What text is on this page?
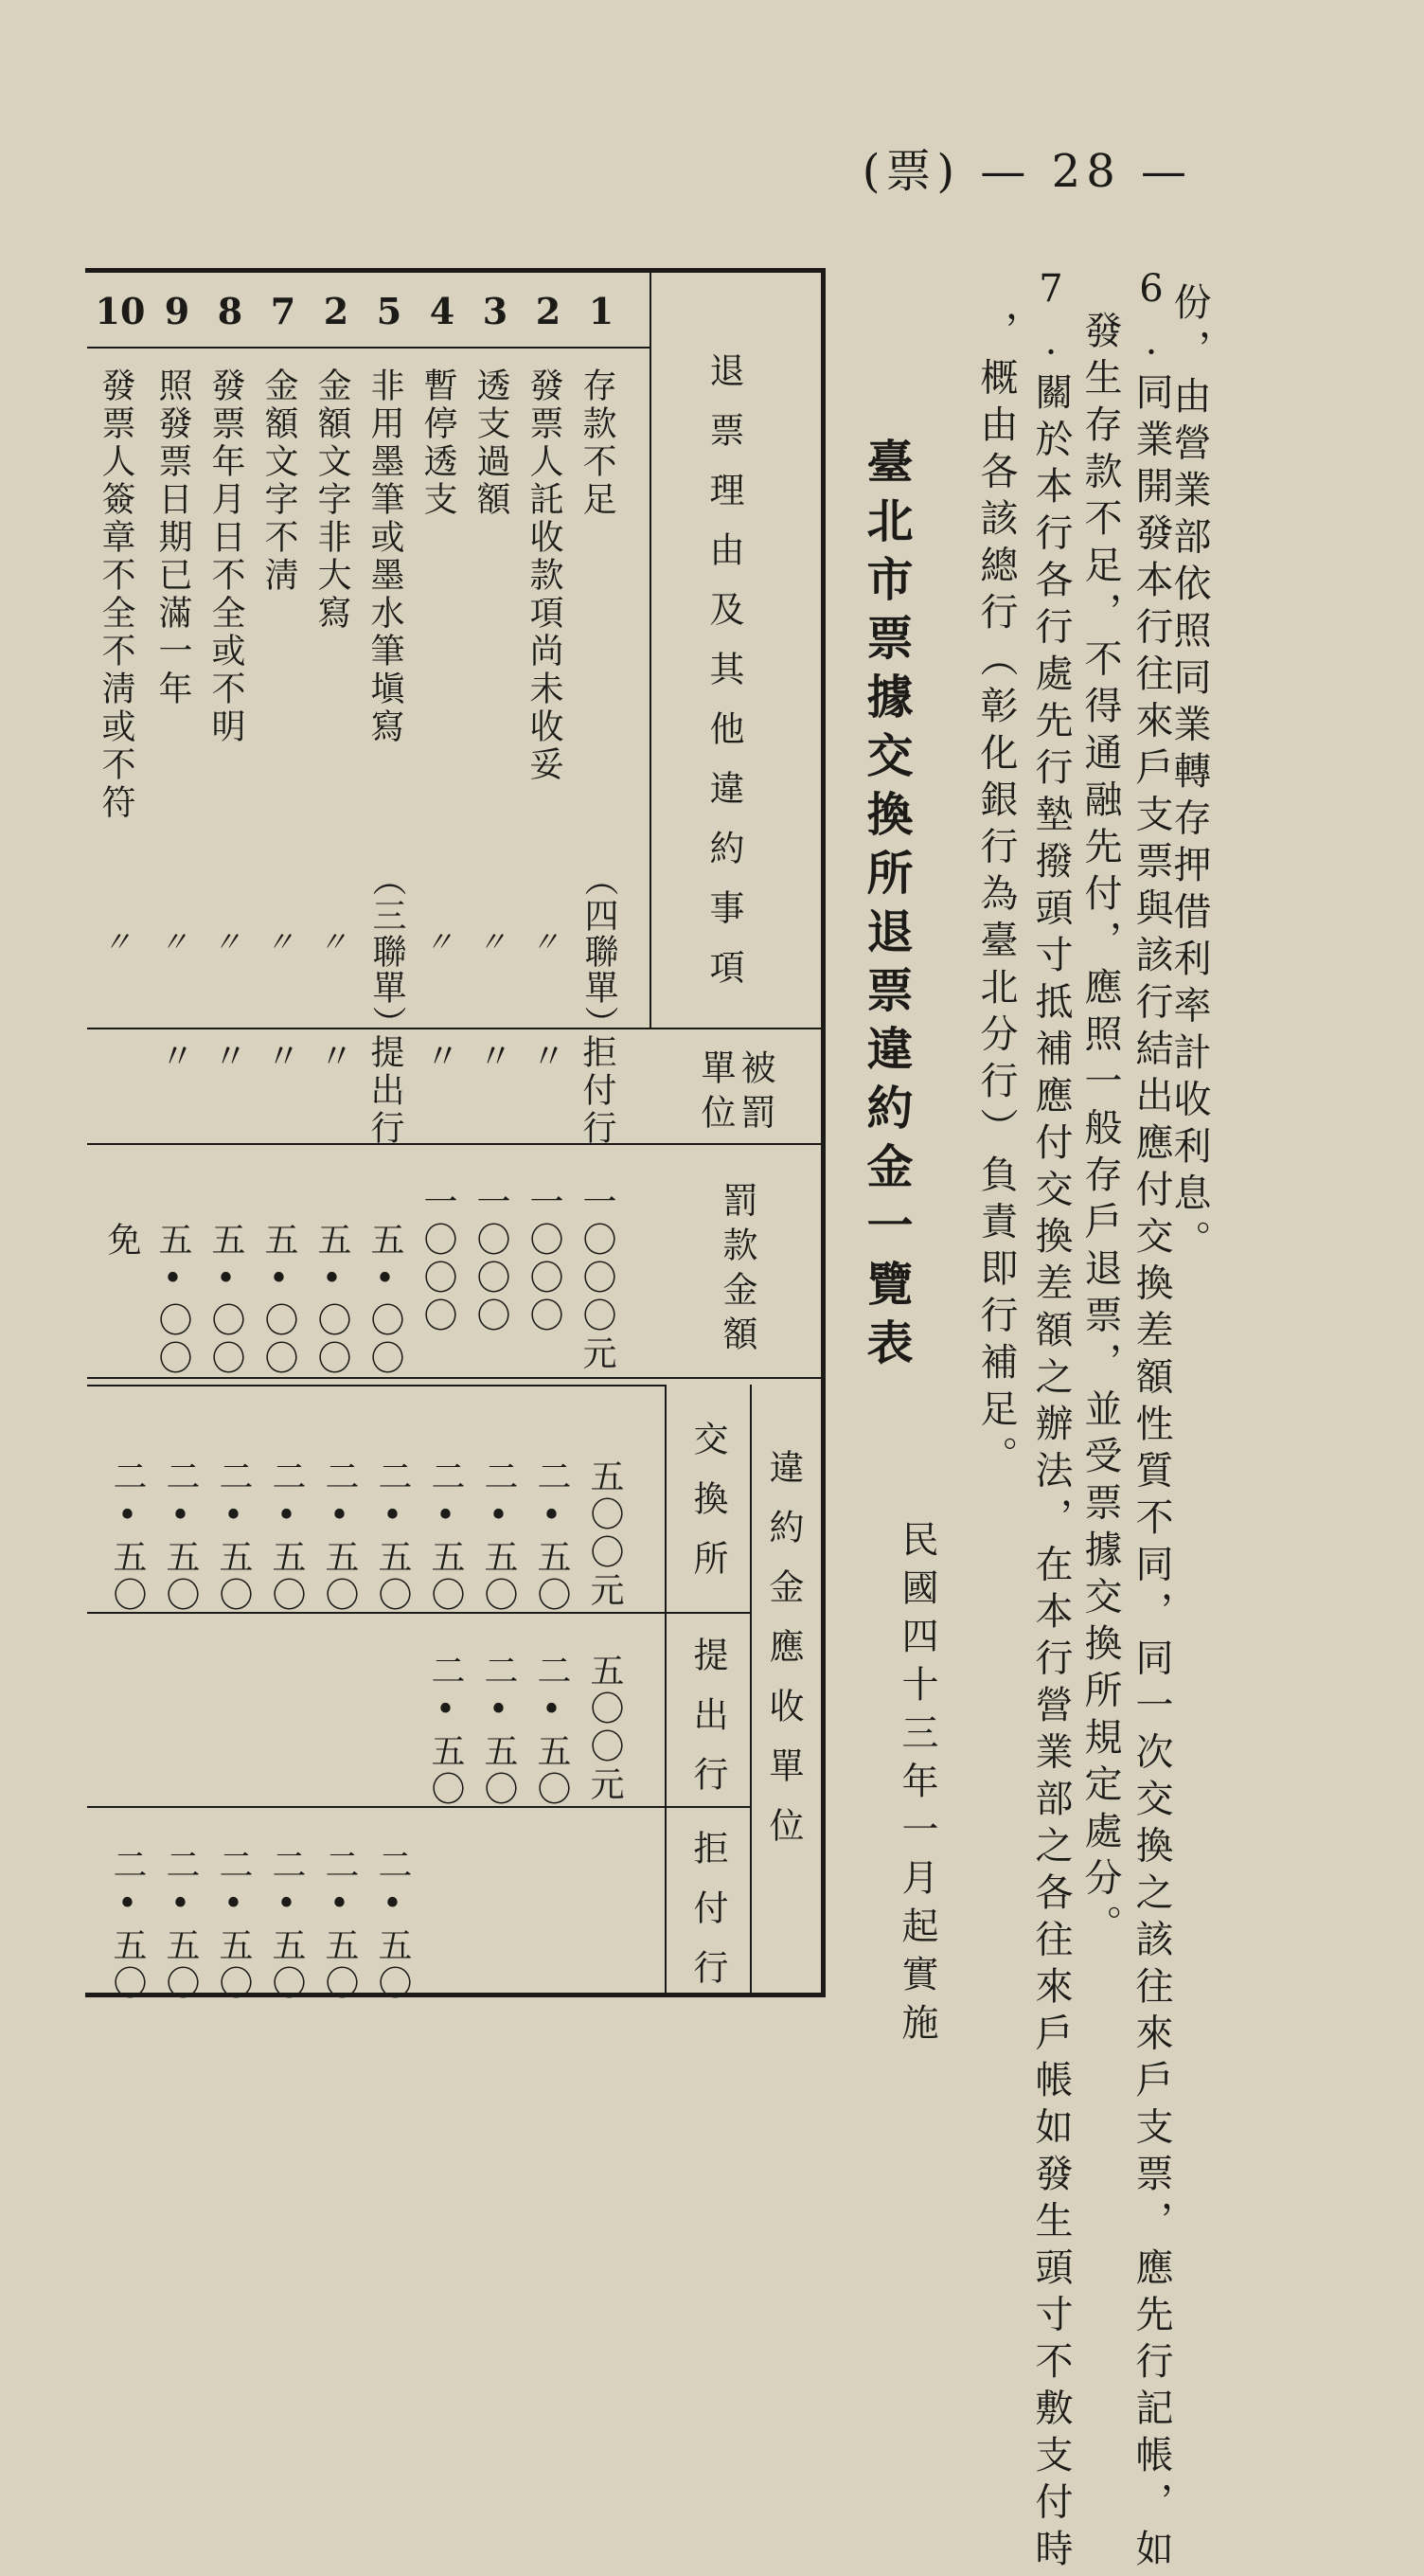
(票) — 28 —
份，由營業部依照同業轉存押借利率計收利息。
6.同業開發本行往來戶支票與該行結出應付交換差額性質不同，同一次交換之該往來戶支票，應先行記帳，如
發生存款不足，不得通融先付，應照一般存戶退票，並受票據交換所規定處分。
7.關於本行各行處先行墊撥頭寸抵補應付交換差額之辦法，在本行營業部之各往來戶帳如發生頭寸不敷支付時
，概由各該總行（彰化銀行為臺北分行）負責即行補足。
臺北市票據交換所退票違約金一覽表
民國四十三年一月起實施
1
2
3
4
5
2
7
8
9
10
退票理由及其他違約事項
被罰
單位
罰款金額
違約金應收單位
交換所
提出行
拒付行
存款不足
發票人託收款項尚未收妥
透支過額
暫停透支
非用墨筆或墨水筆塡寫
金額文字非大寫
金額文字不淸
發票年月日不全或不明
照發票日期已滿一年
發票人簽章不全不淸或不符
（四聯單）
（三聯單）	〃
〃
〃
〃
〃
〃
〃
〃
拒付行
〃
〃
〃
提出行
〃
〃
〃
〃
一〇〇〇元
一〇〇〇
一〇〇〇
一〇〇〇
五•〇〇
五•〇〇
五•〇〇
五•〇〇
五•〇〇
免
五〇〇元
二•五〇
二•五〇
二•五〇
二•五〇
二•五〇
二•五〇
二•五〇
二•五〇
二•五〇
五〇〇元
二•五〇
二•五〇
二•五〇
二•五〇
二•五〇
二•五〇
二•五〇
二•五〇
二•五〇
